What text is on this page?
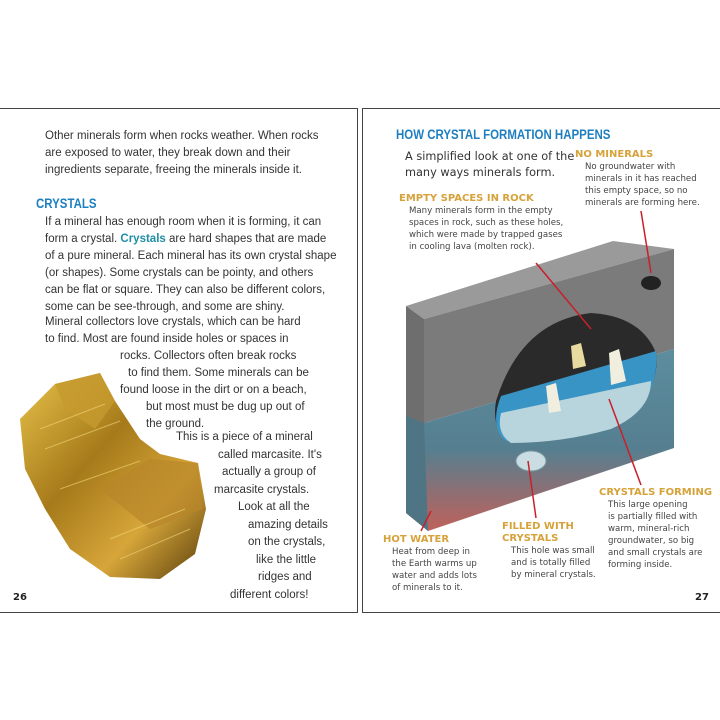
Other minerals form when rocks weather. When rocks
are exposed to water, they break down and their
ingredients separate, freeing the minerals inside it.
CRYSTALS
If a mineral has enough room when it is forming, it can
of a pure mineral. Each mineral has its own crystal shape
(or shapes). Some crystals can be pointy, and others
can be flat or square. They can also be different colors,
some can be see-through, and some are shiny.
form a crystal. Crystals are hard shapes that are made
Mineral collectors love crystals, which can be hard
to find. Most are found inside holes or spaces in
rocks. Collectors often break rocks
to find them. Some minerals can be
found loose in the dirt or on a beach,
but most must be dug up out of
the ground.
This is a piece of a mineral
called marcasite. It's
actually a group of
marcasite crystals.
Look at all the
amazing details
on the crystals,
like the little
ridges and
different colors!
26
HOW CRYSTAL FORMATION HAPPENS
A simplified look at one of the
many ways minerals form.
NO MINERALS
No groundwater with
minerals in it has reached
this empty space, so no
minerals are forming here.
EMPTY SPACES IN ROCK
Many minerals form in the empty
spaces in rock, such as these holes,
which were made by trapped gases
in cooling lava (molten rock).
CRYSTALS FORMING
This large opening
is partially filled with
warm, mineral-rich
groundwater, so big
and small crystals are
forming inside.
FILLED WITH
CRYSTALS
This hole was small
and is totally filled
by mineral crystals.
HOT WATER
Heat from deep in
the Earth warms up
water and adds lots
of minerals to it.
27
